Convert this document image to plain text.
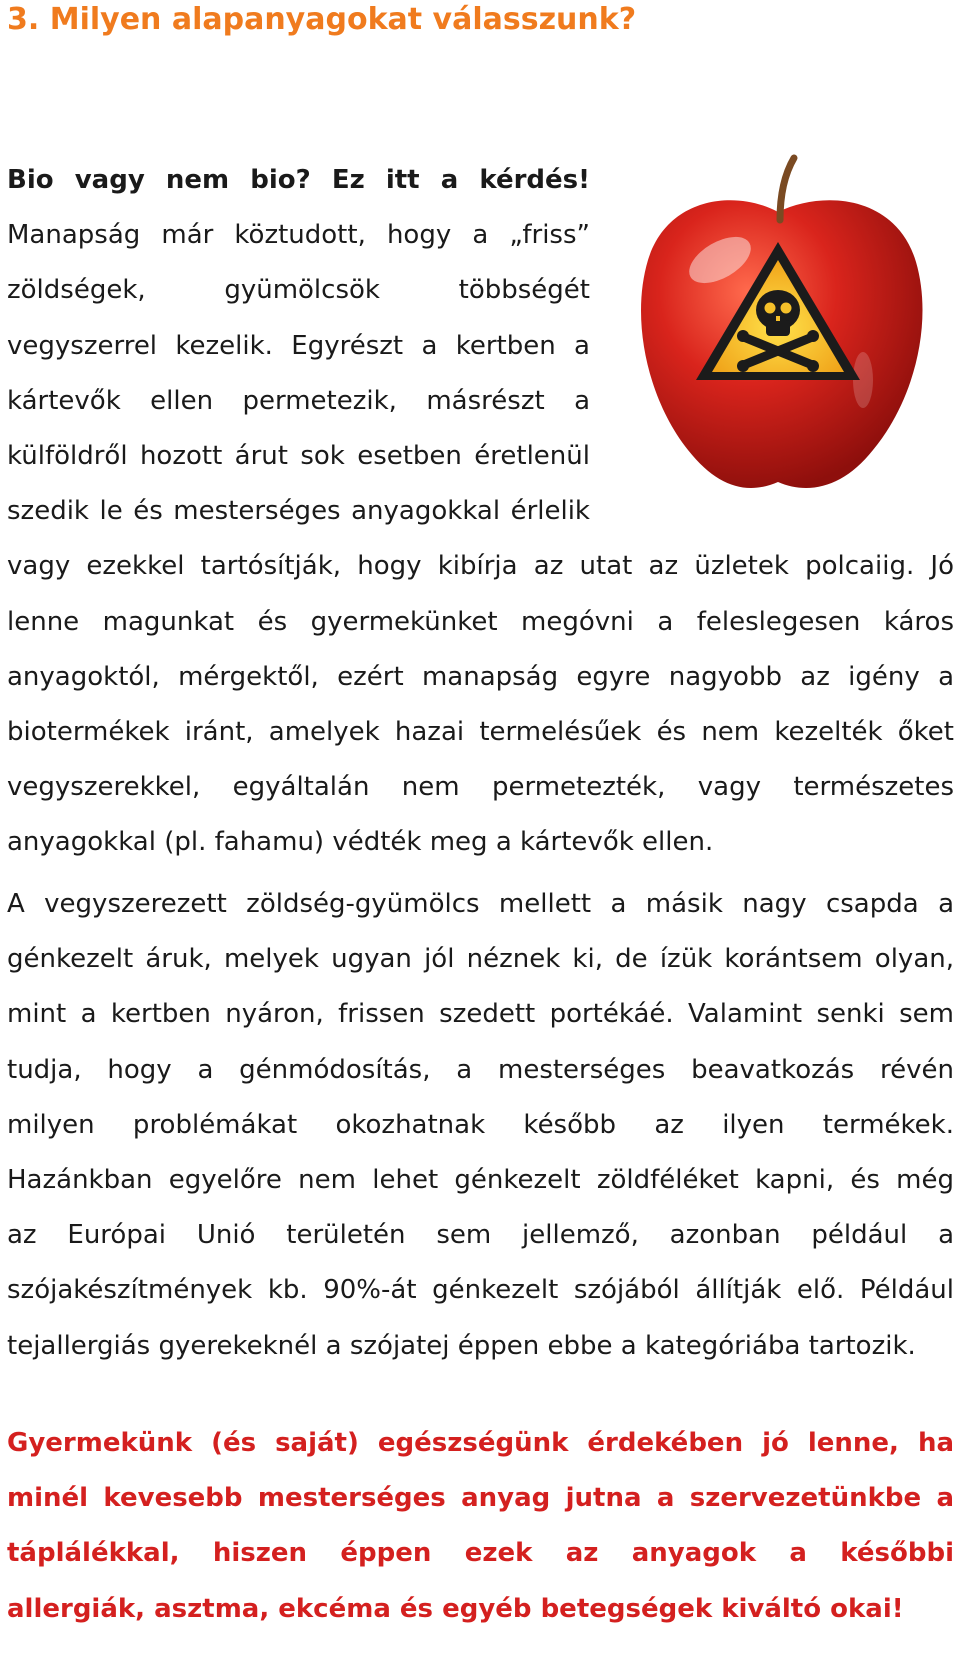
3. Milyen alapanyagokat válasszunk?
Bio vagy nem bio? Ez itt a kérdés!
Manapság már köztudott, hogy a „friss”
zöldségek, gyümölcsök többségét
vegyszerrel kezelik. Egyrészt a kertben a
kártevők ellen permetezik, másrészt a
külföldről hozott árut sok esetben éretlenül
szedik le és mesterséges anyagokkal érlelik
vagy ezekkel tartósítják, hogy kibírja az utat az üzletek polcaiig. Jó
lenne magunkat és gyermekünket megóvni a feleslegesen káros
anyagoktól, mérgektől, ezért manapság egyre nagyobb az igény a
biotermékek iránt, amelyek hazai termelésűek és nem kezelték őket
vegyszerekkel, egyáltalán nem permetezték, vagy természetes
anyagokkal (pl. fahamu) védték meg a kártevők ellen.
A vegyszerezett zöldség-gyümölcs mellett a másik nagy csapda a
génkezelt áruk, melyek ugyan jól néznek ki, de ízük korántsem olyan,
mint a kertben nyáron, frissen szedett portékáé. Valamint senki sem
tudja, hogy a génmódosítás, a mesterséges beavatkozás révén
milyen problémákat okozhatnak később az ilyen termékek.
Hazánkban egyelőre nem lehet génkezelt zöldféléket kapni, és még
az Európai Unió területén sem jellemző, azonban például a
szójakészítmények kb. 90%-át génkezelt szójából állítják elő. Például
tejallergiás gyerekeknél a szójatej éppen ebbe a kategóriába tartozik.
Gyermekünk (és saját) egészségünk érdekében jó lenne, ha
minél kevesebb mesterséges anyag jutna a szervezetünkbe a
táplálékkal, hiszen éppen ezek az anyagok a későbbi
allergiák, asztma, ekcéma és egyéb betegségek kiváltó okai!
